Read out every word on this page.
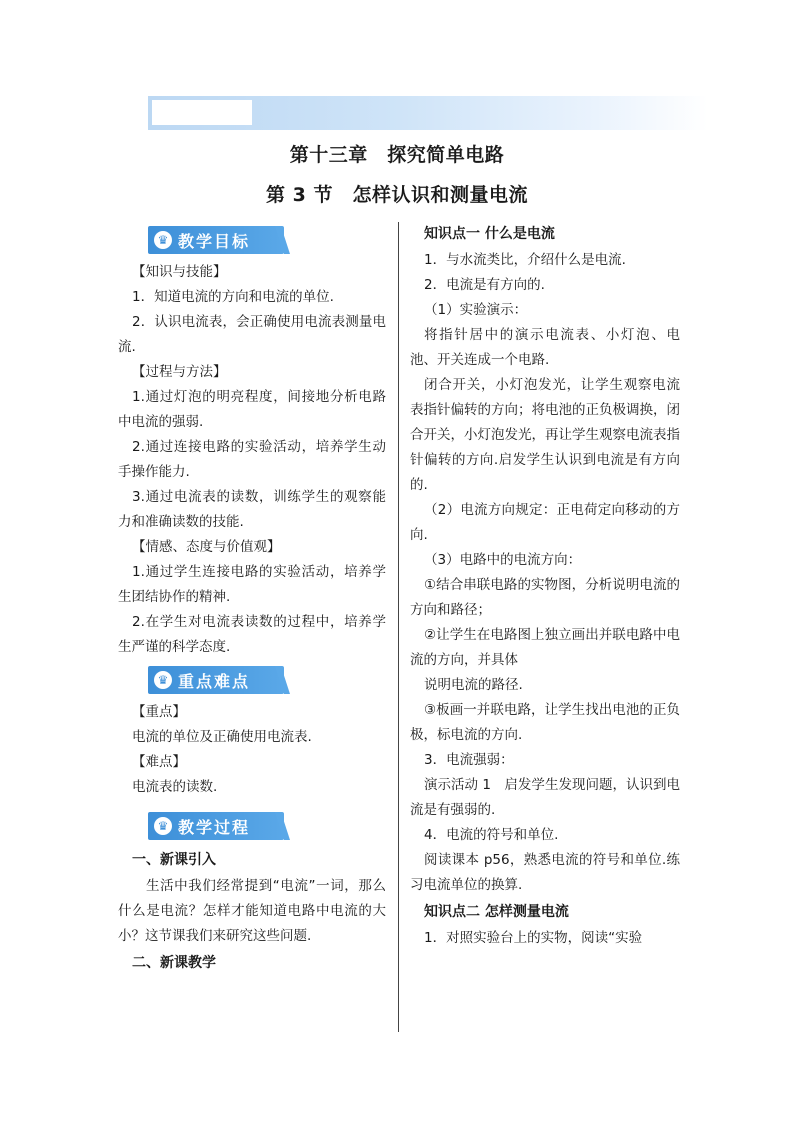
第十三章　探究简单电路
第 3 节　怎样认识和测量电流
♛ 教学目标

【知识与技能】

1．知道电流的方向和电流的单位.

2．认识电流表，会正确使用电流表测量电流.

【过程与方法】

1.通过灯泡的明亮程度，间接地分析电路中电流的强弱.

2.通过连接电路的实验活动，培养学生动手操作能力.

3.通过电流表的读数，训练学生的观察能力和准确读数的技能.

【情感、态度与价值观】

1.通过学生连接电路的实验活动，培养学生团结协作的精神.

2.在学生对电流表读数的过程中，培养学生严谨的科学态度.

♛ 重点难点

【重点】

电流的单位及正确使用电流表.

【难点】

电流表的读数.

♛ 教学过程

一、新课引入

生活中我们经常提到“电流”一词，那么什么是电流？怎样才能知道电路中电流的大小？这节课我们来研究这些问题.

二、新课教学

知识点一 什么是电流

1．与水流类比，介绍什么是电流.

2．电流是有方向的.

（1）实验演示：

将指针居中的演示电流表、小灯泡、电池、开关连成一个电路.

闭合开关，小灯泡发光，让学生观察电流表指针偏转的方向；将电池的正负极调换，闭合开关，小灯泡发光，再让学生观察电流表指针偏转的方向.启发学生认识到电流是有方向的.

（2）电流方向规定：正电荷定向移动的方向.

（3）电路中的电流方向：

①结合串联电路的实物图，分析说明电流的方向和路径；

②让学生在电路图上独立画出并联电路中电流的方向，并具体

说明电流的路径.

③板画一并联电路，让学生找出电池的正负极，标电流的方向.

3．电流强弱：

演示活动 1　启发学生发现问题，认识到电流是有强弱的.

4．电流的符号和单位.

阅读课本 p56，熟悉电流的符号和单位.练习电流单位的换算.

知识点二 怎样测量电流

1．对照实验台上的实物，阅读“实验
